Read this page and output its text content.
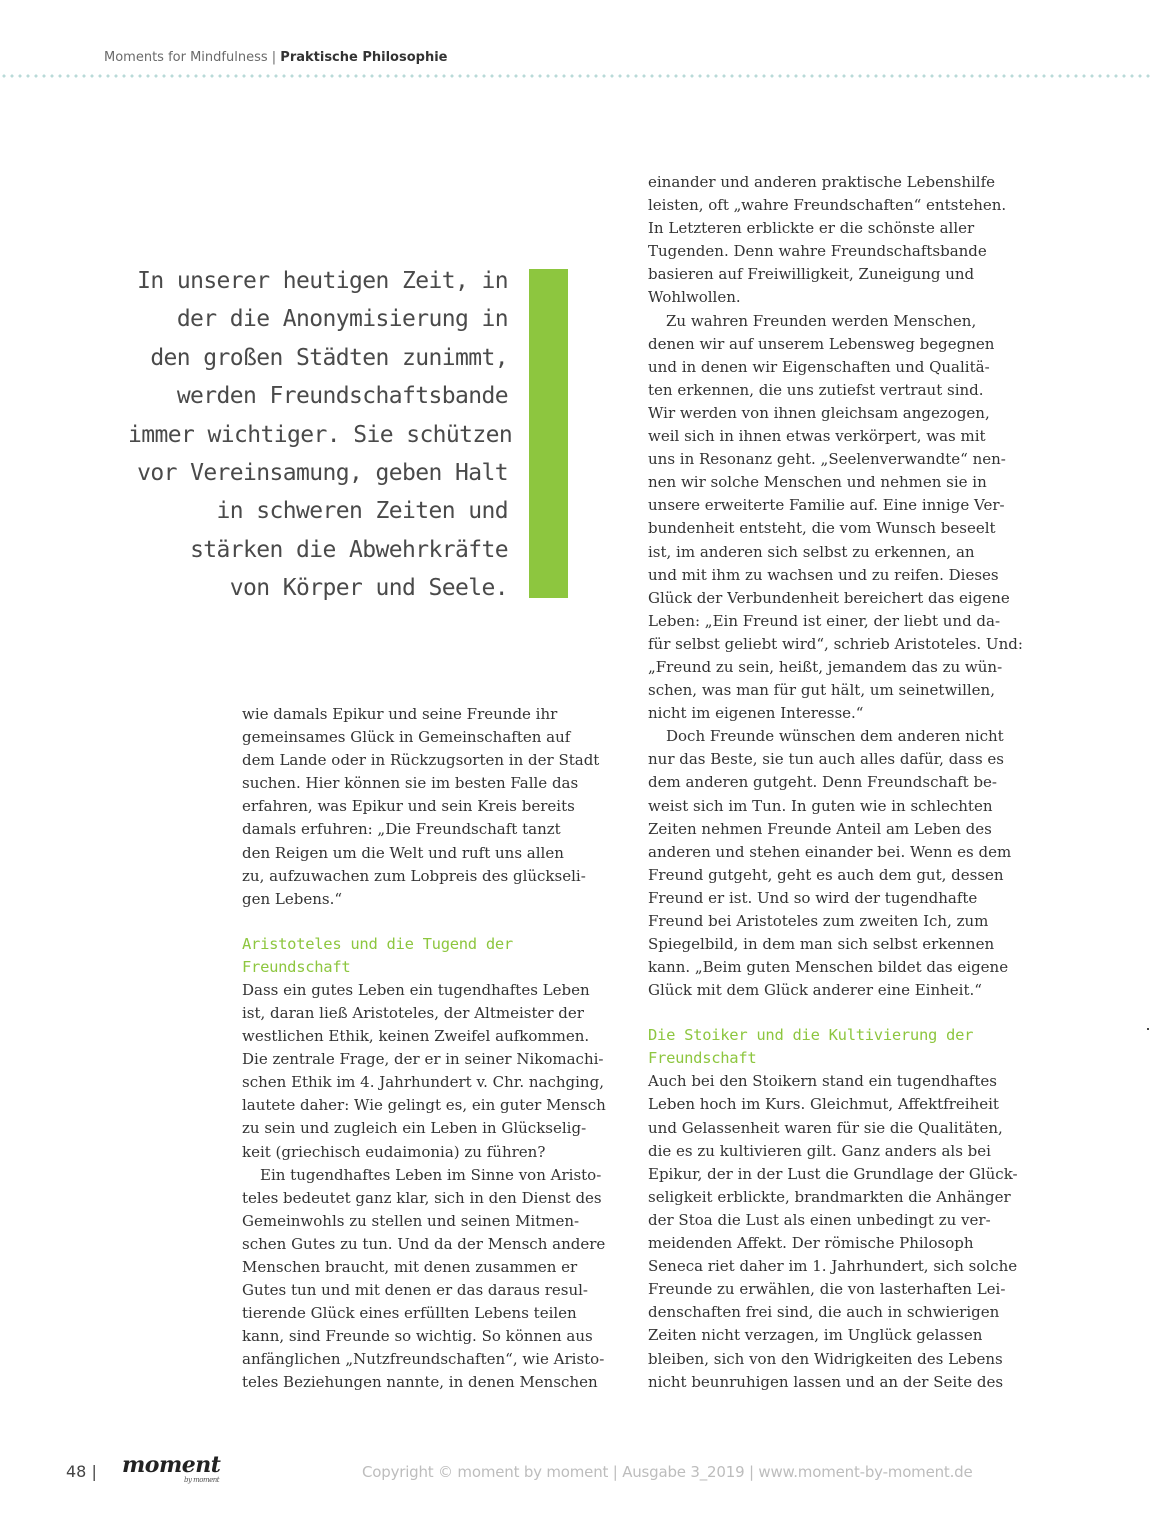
Moments for Mindfulness | Praktische Philosophie
In unserer heutigen Zeit, in
der die Anonymisierung in
den großen Städten zunimmt,
werden Freundschaftsbande
immer wichtiger. Sie schützen
vor Vereinsamung, geben Halt
in schweren Zeiten und
stärken die Abwehrkräfte
von Körper und Seele.
wie damals Epikur und seine Freunde ihr
gemeinsames Glück in Gemeinschaften auf
dem Lande oder in Rückzugsorten in der Stadt
suchen. Hier können sie im besten Falle das
erfahren, was Epikur und sein Kreis bereits
damals erfuhren: „Die Freundschaft tanzt
den Reigen um die Welt und ruft uns allen
zu, aufzuwachen zum Lobpreis des glückseli-
gen Lebens.“
Aristoteles und die Tugend der
Freundschaft
Dass ein gutes Leben ein tugendhaftes Leben
ist, daran ließ Aristoteles, der Altmeister der
westlichen Ethik, keinen Zweifel aufkommen.
Die zentrale Frage, der er in seiner Nikomachi-
schen Ethik im 4. Jahrhundert v. Chr. nachging,
lautete daher: Wie gelingt es, ein guter Mensch
zu sein und zugleich ein Leben in Glückselig-
keit (griechisch eudaimonia) zu führen?
Ein tugendhaftes Leben im Sinne von Aristo-
teles bedeutet ganz klar, sich in den Dienst des
Gemeinwohls zu stellen und seinen Mitmen-
schen Gutes zu tun. Und da der Mensch andere
Menschen braucht, mit denen zusammen er
Gutes tun und mit denen er das daraus resul-
tierende Glück eines erfüllten Lebens teilen
kann, sind Freunde so wichtig. So können aus
anfänglichen „Nutzfreundschaften“, wie Aristo-
teles Beziehungen nannte, in denen Menschen
einander und anderen praktische Lebenshilfe
leisten, oft „wahre Freundschaften“ entstehen.
In Letzteren erblickte er die schönste aller
Tugenden. Denn wahre Freundschaftsbande
basieren auf Freiwilligkeit, Zuneigung und
Wohlwollen.
Zu wahren Freunden werden Menschen,
denen wir auf unserem Lebensweg begegnen
und in denen wir Eigenschaften und Qualitä-
ten erkennen, die uns zutiefst vertraut sind.
Wir werden von ihnen gleichsam angezogen,
weil sich in ihnen etwas verkörpert, was mit
uns in Resonanz geht. „Seelenverwandte“ nen-
nen wir solche Menschen und nehmen sie in
unsere erweiterte Familie auf. Eine innige Ver-
bundenheit entsteht, die vom Wunsch beseelt
ist, im anderen sich selbst zu erkennen, an
und mit ihm zu wachsen und zu reifen. Dieses
Glück der Verbundenheit bereichert das eigene
Leben: „Ein Freund ist einer, der liebt und da-
für selbst geliebt wird“, schrieb Aristoteles. Und:
„Freund zu sein, heißt, jemandem das zu wün-
schen, was man für gut hält, um seinetwillen,
nicht im eigenen Interesse.“
Doch Freunde wünschen dem anderen nicht
nur das Beste, sie tun auch alles dafür, dass es
dem anderen gutgeht. Denn Freundschaft be-
weist sich im Tun. In guten wie in schlechten
Zeiten nehmen Freunde Anteil am Leben des
anderen und stehen einander bei. Wenn es dem
Freund gutgeht, geht es auch dem gut, dessen
Freund er ist. Und so wird der tugendhafte
Freund bei Aristoteles zum zweiten Ich, zum
Spiegelbild, in dem man sich selbst erkennen
kann. „Beim guten Menschen bildet das eigene
Glück mit dem Glück anderer eine Einheit.“
Die Stoiker und die Kultivierung der
Freundschaft
Auch bei den Stoikern stand ein tugendhaftes
Leben hoch im Kurs. Gleichmut, Affektfreiheit
und Gelassenheit waren für sie die Qualitäten,
die es zu kultivieren gilt. Ganz anders als bei
Epikur, der in der Lust die Grundlage der Glück-
seligkeit erblickte, brandmarkten die Anhänger
der Stoa die Lust als einen unbedingt zu ver-
meidenden Affekt. Der römische Philosoph
Seneca riet daher im 1. Jahrhundert, sich solche
Freunde zu erwählen, die von lasterhaften Lei-
denschaften frei sind, die auch in schwierigen
Zeiten nicht verzagen, im Unglück gelassen
bleiben, sich von den Widrigkeiten des Lebens
nicht beunruhigen lassen und an der Seite des
48 | moment
by moment	Copyright © moment by moment | Ausgabe 3_2019 | www.moment-by-moment.de
